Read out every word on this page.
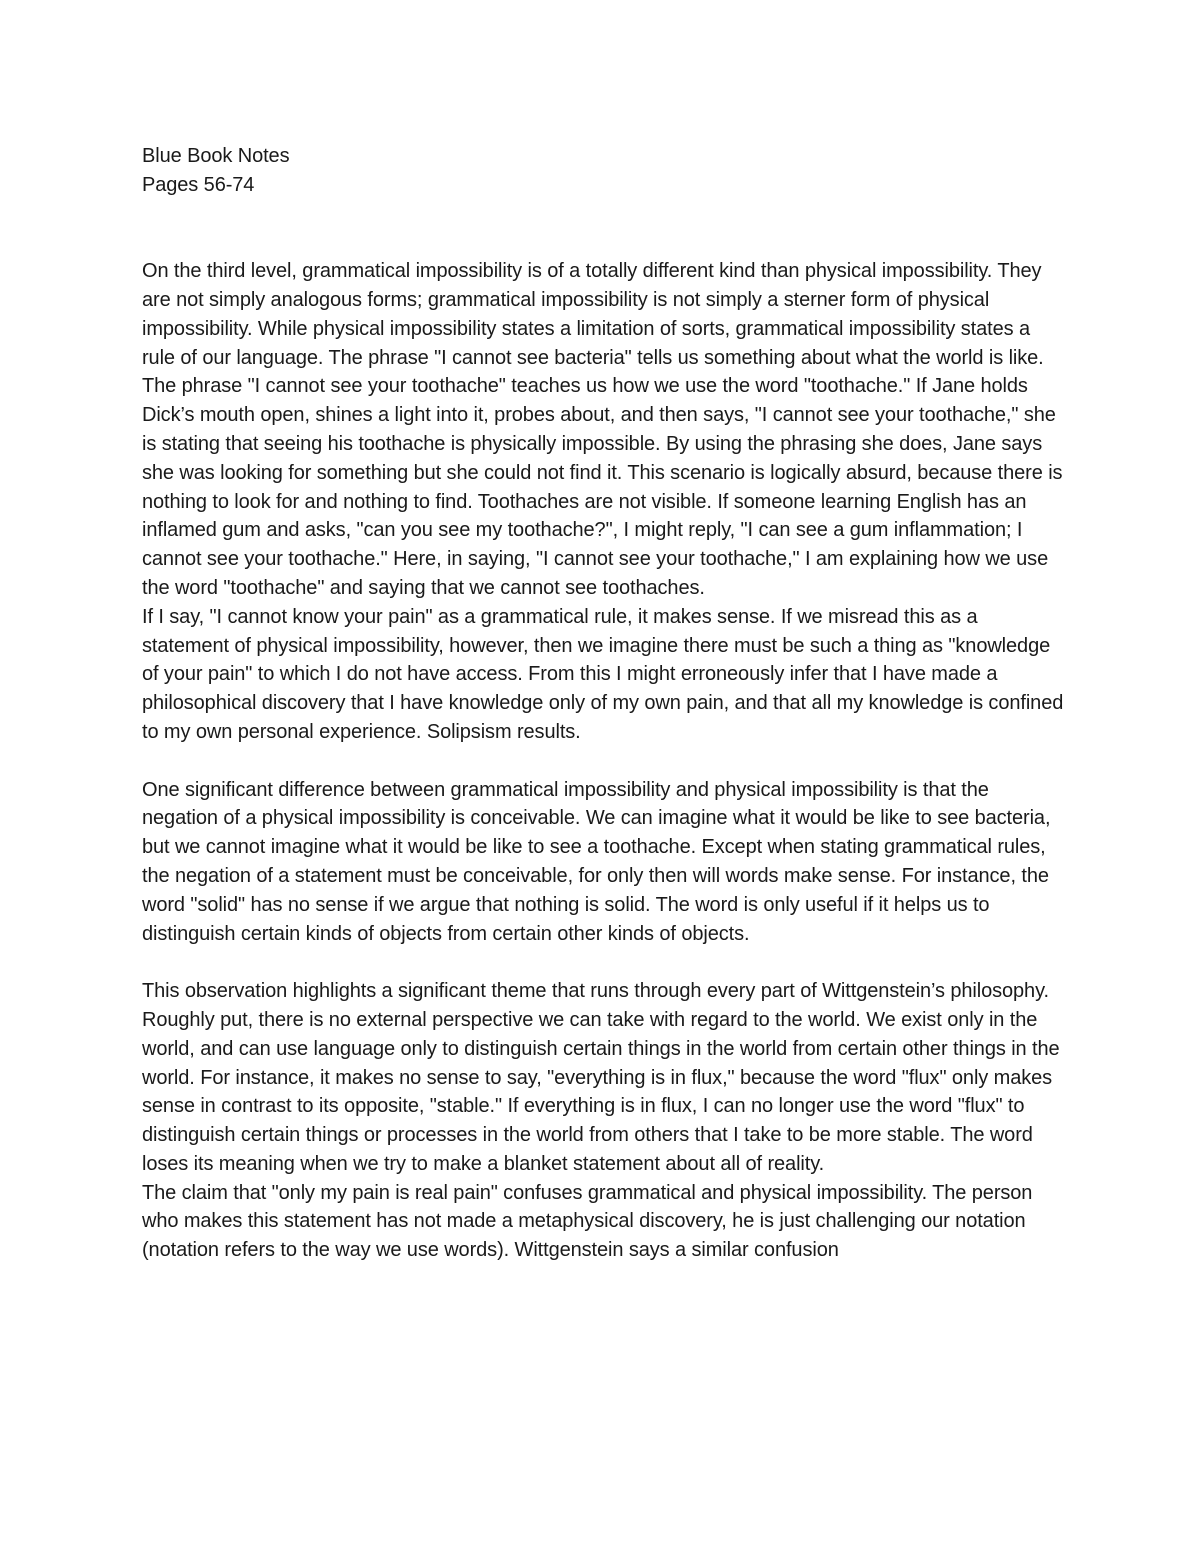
Blue Book Notes
Pages 56-74

On the third level, grammatical impossibility is of a totally different kind than physical impossibility. They are not simply analogous forms; grammatical impossibility is not simply a sterner form of physical impossibility. While physical impossibility states a limitation of sorts, grammatical impossibility states a rule of our language. The phrase "I cannot see bacteria" tells us something about what the world is like. The phrase "I cannot see your toothache" teaches us how we use the word "toothache." If Jane holds Dick’s mouth open, shines a light into it, probes about, and then says, "I cannot see your toothache," she is stating that seeing his toothache is physically impossible. By using the phrasing she does, Jane says she was looking for something but she could not find it. This scenario is logically absurd, because there is nothing to look for and nothing to find. Toothaches are not visible. If someone learning English has an inflamed gum and asks, "can you see my toothache?", I might reply, "I can see a gum inflammation; I cannot see your toothache." Here, in saying, "I cannot see your toothache," I am explaining how we use the word "toothache" and saying that we cannot see toothaches.

If I say, "I cannot know your pain" as a grammatical rule, it makes sense. If we misread this as a statement of physical impossibility, however, then we imagine there must be such a thing as "knowledge of your pain" to which I do not have access. From this I might erroneously infer that I have made a philosophical discovery that I have knowledge only of my own pain, and that all my knowledge is confined to my own personal experience. Solipsism results.

One significant difference between grammatical impossibility and physical impossibility is that the negation of a physical impossibility is conceivable. We can imagine what it would be like to see bacteria, but we cannot imagine what it would be like to see a toothache. Except when stating grammatical rules, the negation of a statement must be conceivable, for only then will words make sense. For instance, the word "solid" has no sense if we argue that nothing is solid. The word is only useful if it helps us to distinguish certain kinds of objects from certain other kinds of objects.

This observation highlights a significant theme that runs through every part of Wittgenstein’s philosophy. Roughly put, there is no external perspective we can take with regard to the world. We exist only in the world, and can use language only to distinguish certain things in the world from certain other things in the world. For instance, it makes no sense to say, "everything is in flux," because the word "flux" only makes sense in contrast to its opposite, "stable." If everything is in flux, I can no longer use the word "flux" to distinguish certain things or processes in the world from others that I take to be more stable. The word loses its meaning when we try to make a blanket statement about all of reality.

The claim that "only my pain is real pain" confuses grammatical and physical impossibility. The person who makes this statement has not made a metaphysical discovery, he is just challenging our notation (notation refers to the way we use words). Wittgenstein says a similar confusion
